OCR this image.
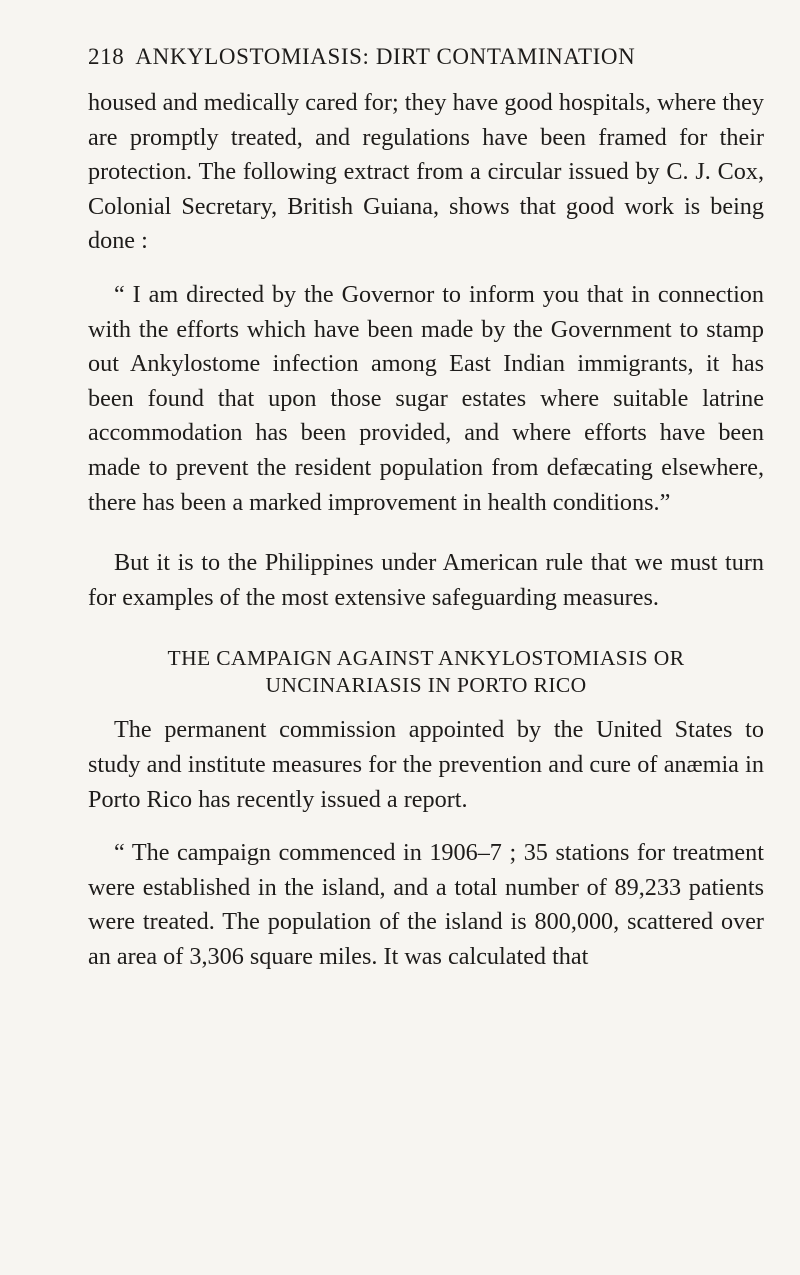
218 ANKYLOSTOMIASIS: DIRT CONTAMINATION

housed and medically cared for; they have good hospitals, where they are promptly treated, and regulations have been framed for their protection. The following extract from a circular issued by C. J. Cox, Colonial Secretary, British Guiana, shows that good work is being done :

“ I am directed by the Governor to inform you that in connection with the efforts which have been made by the Government to stamp out Ankylostome infection among East Indian immigrants, it has been found that upon those sugar estates where suitable latrine accommodation has been provided, and where efforts have been made to prevent the resident population from defæcating elsewhere, there has been a marked improvement in health conditions.”

But it is to the Philippines under American rule that we must turn for examples of the most extensive safeguarding measures.

THE CAMPAIGN AGAINST ANKYLOSTOMIASIS OR UNCINARIASIS IN PORTO RICO

The permanent commission appointed by the United States to study and institute measures for the prevention and cure of anæmia in Porto Rico has recently issued a report.

“ The campaign commenced in 1906–7 ; 35 stations for treatment were established in the island, and a total number of 89,233 patients were treated. The population of the island is 800,000, scattered over an area of 3,306 square miles. It was calculated that
